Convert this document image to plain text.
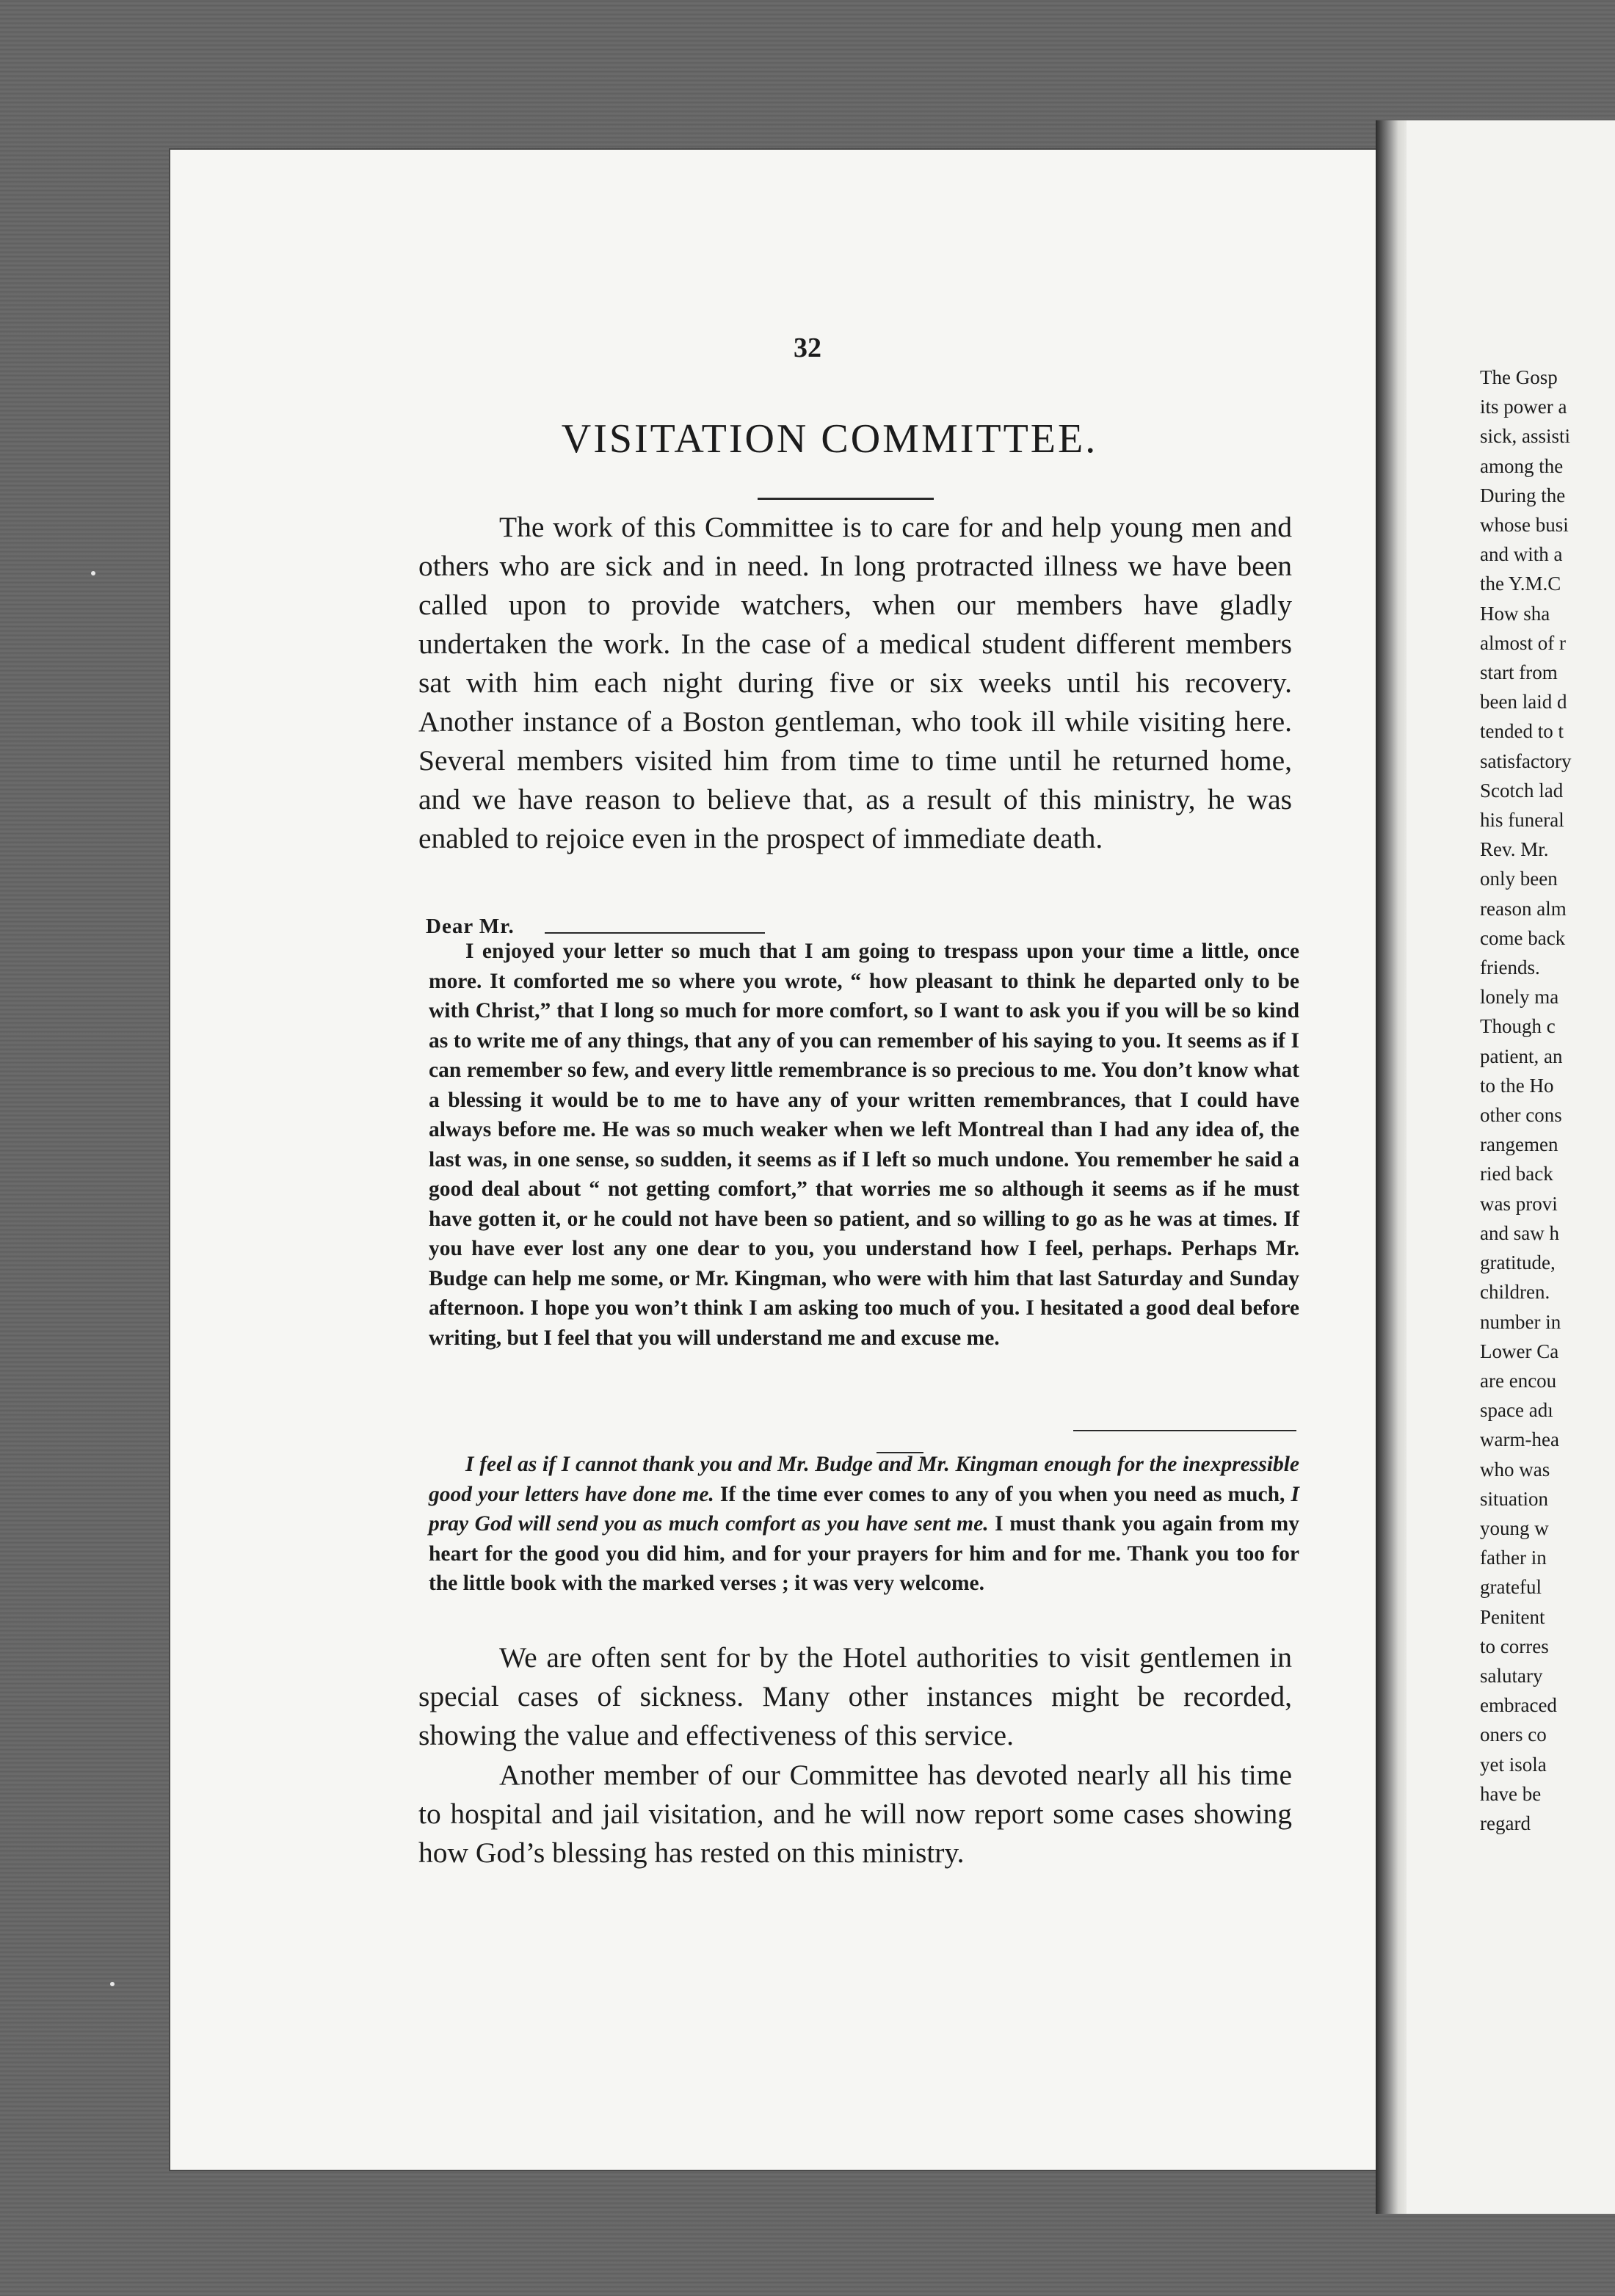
32
VISITATION COMMITTEE.

The work of this Committee is to care for and help young men and others who are sick and in need. In long protracted illness we have been called upon to provide watchers, when our members have gladly undertaken the work. In the case of a medical student different members sat with him each night during five or six weeks until his recovery. Another instance of a Boston gentleman, who took ill while visiting here. Several members visited him from time to time until he returned home, and we have reason to believe that, as a result of this ministry, he was enabled to rejoice even in the prospect of immediate death.

Dear Mr.

I enjoyed your letter so much that I am going to trespass upon your time a little, once more. It comforted me so where you wrote, “ how pleasant to think he departed only to be with Christ,” that I long so much for more comfort, so I want to ask you if you will be so kind as to write me of any things, that any of you can remember of his saying to you. It seems as if I can remember so few, and every little remembrance is so precious to me. You don’t know what a blessing it would be to me to have any of your written remembrances, that I could have always before me. He was so much weaker when we left Montreal than I had any idea of, the last was, in one sense, so sudden, it seems as if I left so much undone. You remember he said a good deal about “ not getting comfort,” that worries me so although it seems as if he must have gotten it, or he could not have been so patient, and so willing to go as he was at times. If you have ever lost any one dear to you, you understand how I feel, perhaps. Perhaps Mr. Budge can help me some, or Mr. Kingman, who were with him that last Saturday and Sunday afternoon. I hope you won’t think I am asking too much of you. I hesitated a good deal before writing, but I feel that you will understand me and excuse me.

I feel as if I cannot thank you and Mr. Budge and Mr. Kingman enough for the inexpressible good your letters have done me. If the time ever comes to any of you when you need as much, I pray God will send you as much comfort as you have sent me. I must thank you again from my heart for the good you did him, and for your prayers for him and for me. Thank you too for the little book with the marked verses ; it was very welcome.

We are often sent for by the Hotel authorities to visit gentlemen in special cases of sickness. Many other instances might be recorded, showing the value and effectiveness of this service.

Another member of our Committee has devoted nearly all his time to hospital and jail visitation, and he will now report some cases showing how God’s blessing has rested on this ministry.

The Gosp
its power a
sick, assisti
among the
During the
whose busi
and with a
the Y.M.C
How sha
almost of r
start from
been laid d
tended to t
satisfactory
Scotch lad
his funeral
Rev. Mr.
only been
reason alm
come back
friends.
lonely ma
Though c
patient, an
to the Ho
other cons
rangemen
ried back
was provi
and saw h
gratitude,
children.
number in
Lower Ca
are encou
space adı
warm-hea
who was
situation
young w
father in
grateful
Penitent
to corres
salutary
embraced
oners co
yet isola
have be
regard
